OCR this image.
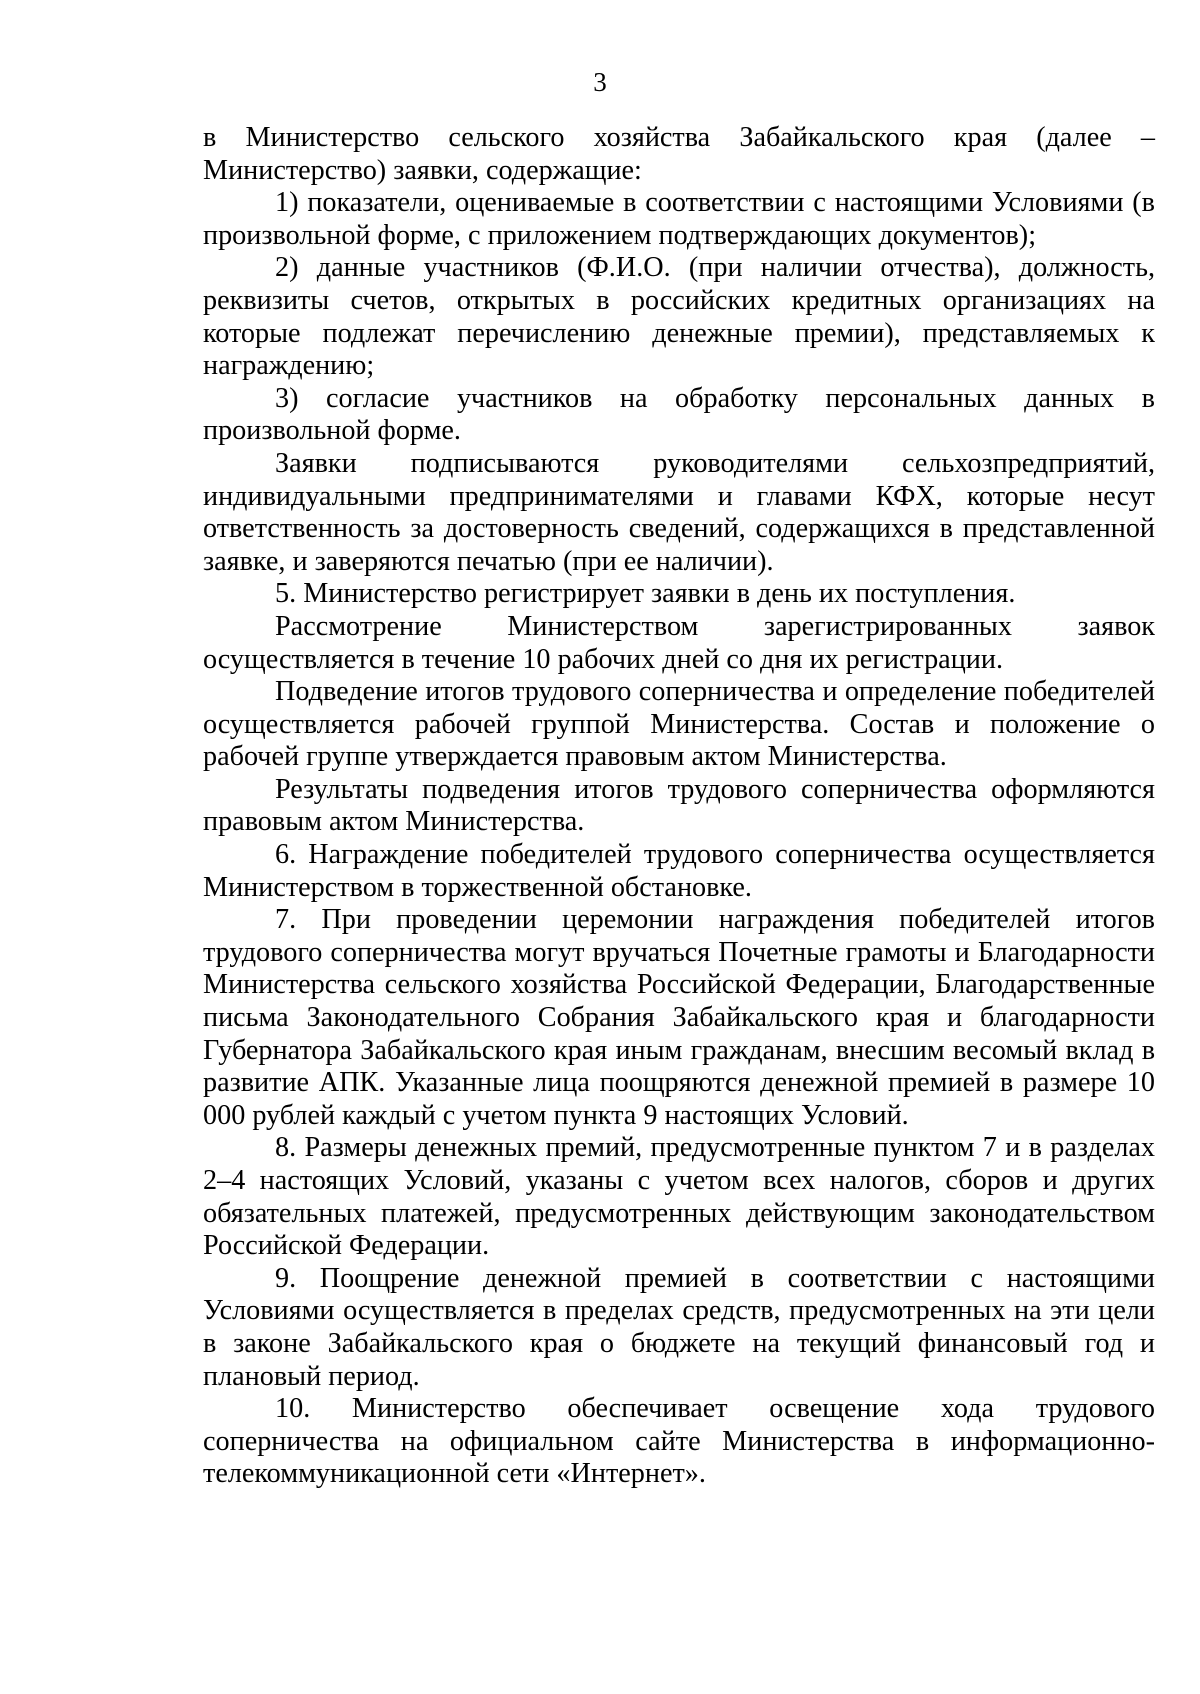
3

в Министерство сельского хозяйства Забайкальского края (далее – Министерство) заявки, содержащие:

1) показатели, оцениваемые в соответствии с настоящими Условиями (в произвольной форме, с приложением подтверждающих документов);

2) данные участников (Ф.И.О. (при наличии отчества), должность, реквизиты счетов, открытых в российских кредитных организациях на которые подлежат перечислению денежные премии), представляемых к награждению;

3) согласие участников на обработку персональных данных в произвольной форме.

Заявки подписываются руководителями сельхозпредприятий, индивидуальными предпринимателями и главами КФХ, которые несут ответственность за достоверность сведений, содержащихся в представленной заявке, и заверяются печатью (при ее наличии).

5. Министерство регистрирует заявки в день их поступления.

Рассмотрение Министерством зарегистрированных заявок осуществляется в течение 10 рабочих дней со дня их регистрации.

Подведение итогов трудового соперничества и определение победителей осуществляется рабочей группой Министерства. Состав и положение о рабочей группе утверждается правовым актом Министерства.

Результаты подведения итогов трудового соперничества оформляются правовым актом Министерства.

6. Награждение победителей трудового соперничества осуществляется Министерством в торжественной обстановке.

7. При проведении церемонии награждения победителей итогов трудового соперничества могут вручаться Почетные грамоты и Благодарности Министерства сельского хозяйства Российской Федерации, Благодарственные письма Законодательного Собрания Забайкальского края и благодарности Губернатора Забайкальского края иным гражданам, внесшим весомый вклад в развитие АПК. Указанные лица поощряются денежной премией в размере 10 000 рублей каждый с учетом пункта 9 настоящих Условий.

8. Размеры денежных премий, предусмотренные пунктом 7 и в разделах 2–4 настоящих Условий, указаны с учетом всех налогов, сборов и других обязательных платежей, предусмотренных действующим законодательством Российской Федерации.

9. Поощрение денежной премией в соответствии с настоящими Условиями осуществляется в пределах средств, предусмотренных на эти цели в законе Забайкальского края о бюджете на текущий финансовый год и плановый период.

10. Министерство обеспечивает освещение хода трудового соперничества на официальном сайте Министерства в информационно-телекоммуникационной сети «Интернет».
